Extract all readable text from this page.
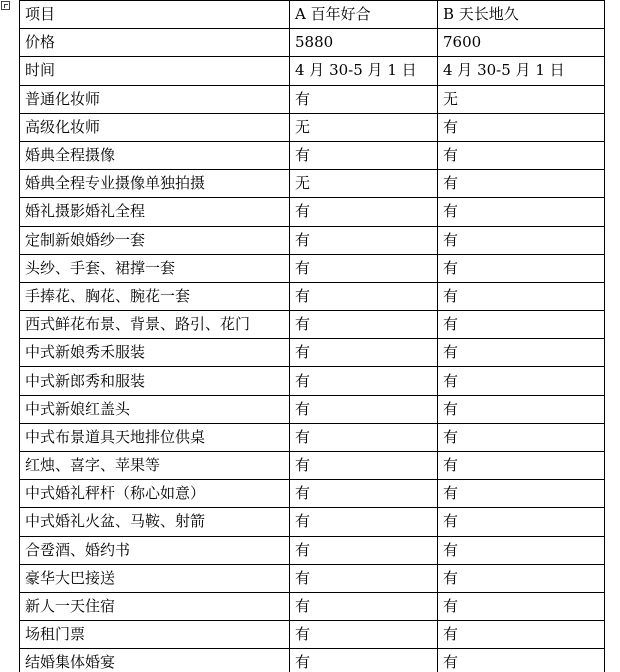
项目	A 百年好合	B 天长地久
价格	5880	7600
时间	4 月 30-5 月 1 日	4 月 30-5 月 1 日
普通化妆师	有	无
高级化妆师	无	有
婚典全程摄像	有	有
婚典全程专业摄像单独拍摄	无	有
婚礼摄影婚礼全程	有	有
定制新娘婚纱一套	有	有
头纱、手套、裙撑一套	有	有
手捧花、胸花、腕花一套	有	有
西式鲜花布景、背景、路引、花门	有	有
中式新娘秀禾服装	有	有
中式新郎秀和服装	有	有
中式新娘红盖头	有	有
中式布景道具天地排位供桌	有	有
红烛、喜字、苹果等	有	有
中式婚礼秤杆（称心如意）	有	有
中式婚礼火盆、马鞍、射箭	有	有
合卺酒、婚约书	有	有
豪华大巴接送	有	有
新人一天住宿	有	有
场租门票	有	有
结婚集体婚宴	有	有
